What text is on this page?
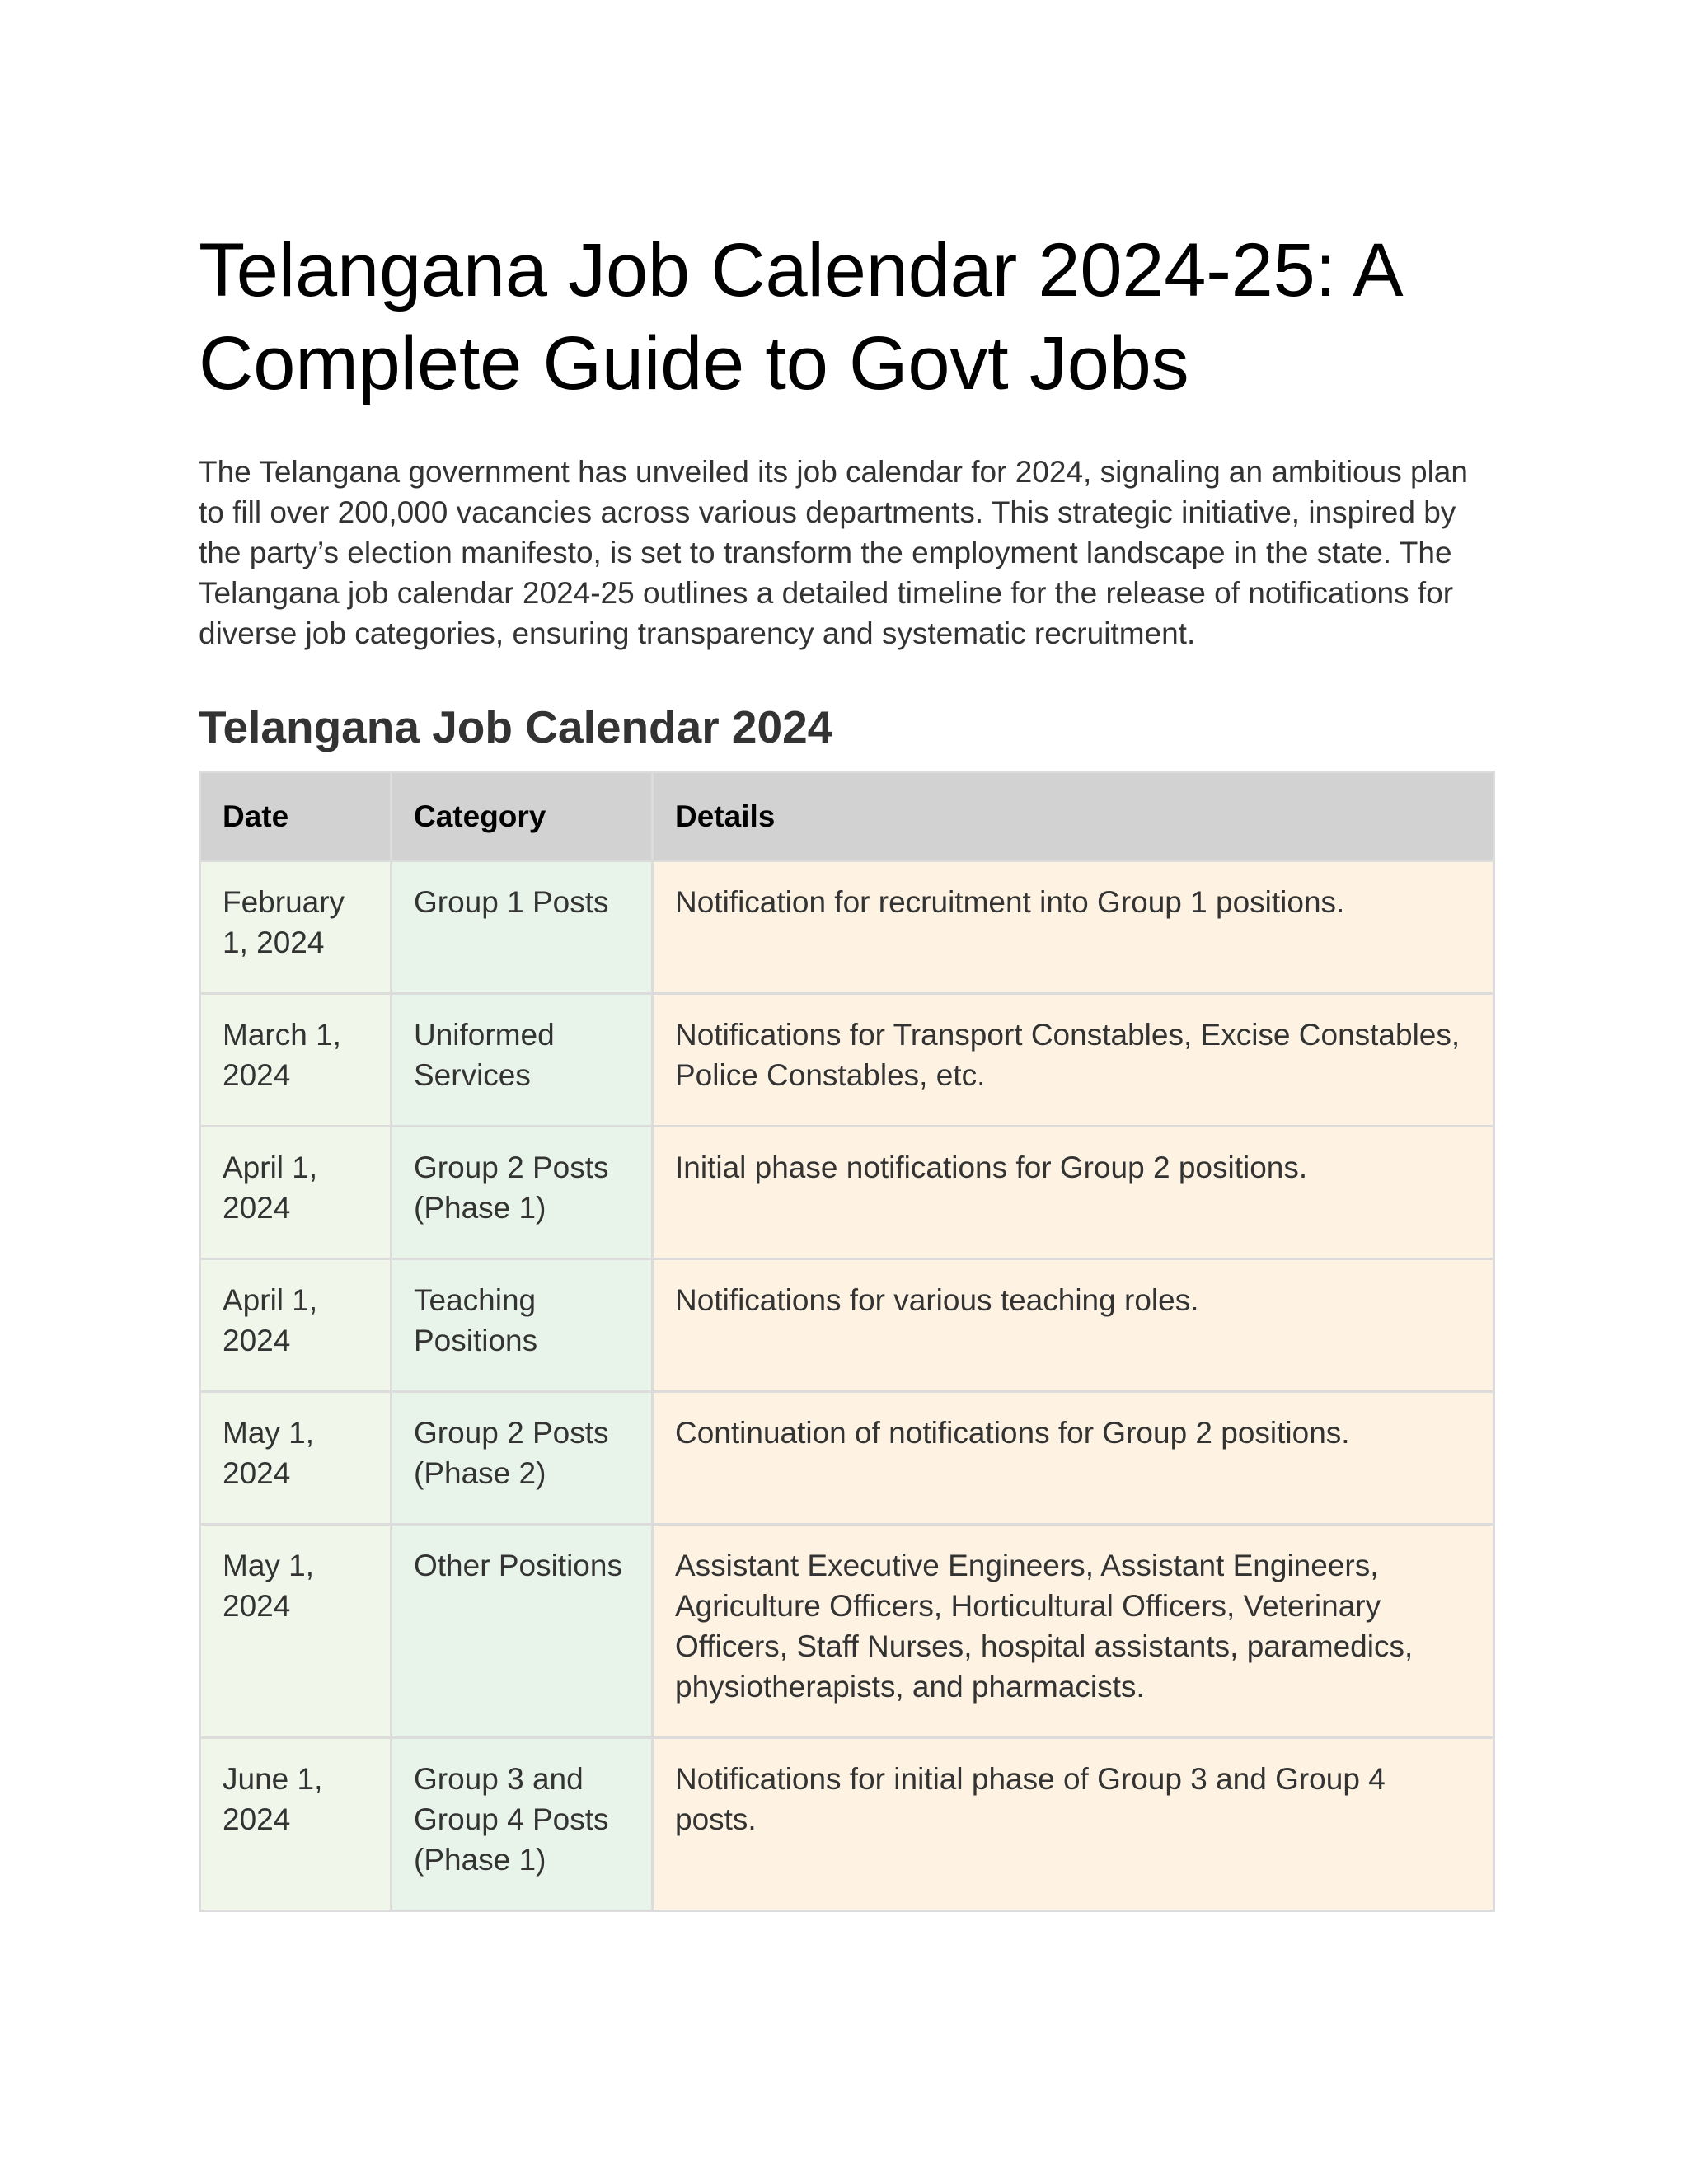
Telangana Job Calendar 2024-25: A Complete Guide to Govt Jobs

The Telangana government has unveiled its job calendar for 2024, signaling an ambitious plan to fill over 200,000 vacancies across various departments. This strategic initiative, inspired by the party’s election manifesto, is set to transform the employment landscape in the state. The Telangana job calendar 2024-25 outlines a detailed timeline for the release of notifications for diverse job categories, ensuring transparency and systematic recruitment.

Telangana Job Calendar 2024
Date	Category	Details
February 1, 2024	Group 1 Posts	Notification for recruitment into Group 1 positions.
March 1, 2024	Uniformed Services	Notifications for Transport Constables, Excise Constables, Police Constables, etc.
April 1, 2024	Group 2 Posts (Phase 1)	Initial phase notifications for Group 2 positions.
April 1, 2024	Teaching Positions	Notifications for various teaching roles.
May 1, 2024	Group 2 Posts (Phase 2)	Continuation of notifications for Group 2 positions.
May 1, 2024	Other Positions	Assistant Executive Engineers, Assistant Engineers, Agriculture Officers, Horticultural Officers, Veterinary Officers, Staff Nurses, hospital assistants, paramedics, physiotherapists, and pharmacists.
June 1, 2024	Group 3 and Group 4 Posts (Phase 1)	Notifications for initial phase of Group 3 and Group 4 posts.
